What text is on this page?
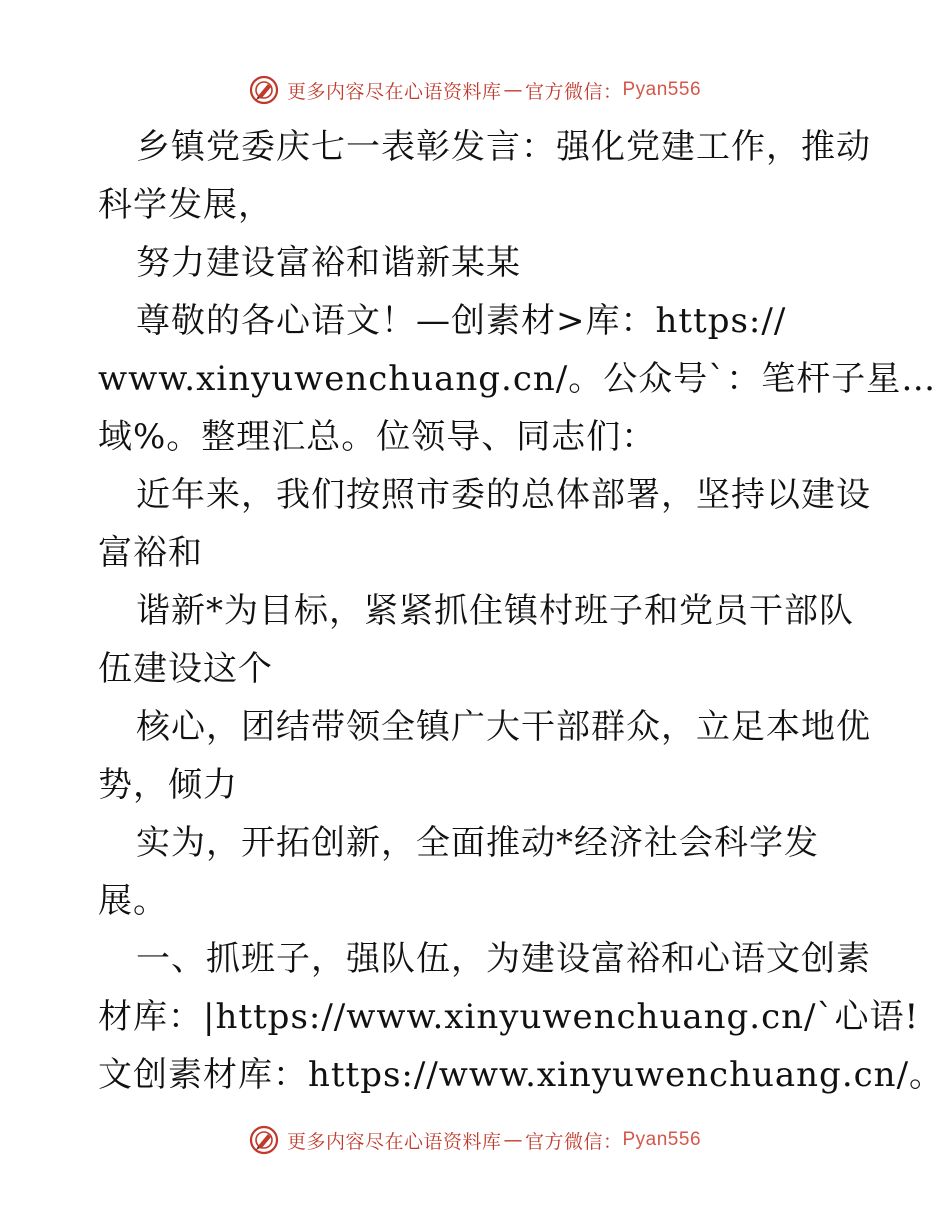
更多内容尽在心语资料库 — 官方微信： Pyan556
乡镇党委庆七一表彰发言：强化党建工作，推动
科学发展，
努力建设富裕和谐新某某
尊敬的各心语文！—创素材>库：https://
www.xinyuwenchuang.cn/。公众号`：笔杆子星…
域%。整理汇总。位领导、同志们：
近年来，我们按照市委的总体部署，坚持以建设
富裕和
谐新*为目标，紧紧抓住镇村班子和党员干部队
伍建设这个
核心，团结带领全镇广大干部群众，立足本地优
势，倾力
实为，开拓创新，全面推动*经济社会科学发
展。
一、抓班子，强队伍，为建设富裕和心语文创素
材库：|https://www.xinyuwenchuang.cn/`心语!
文创素材库：https://www.xinyuwenchuang.cn/。
更多内容尽在心语资料库 — 官方微信： Pyan556
